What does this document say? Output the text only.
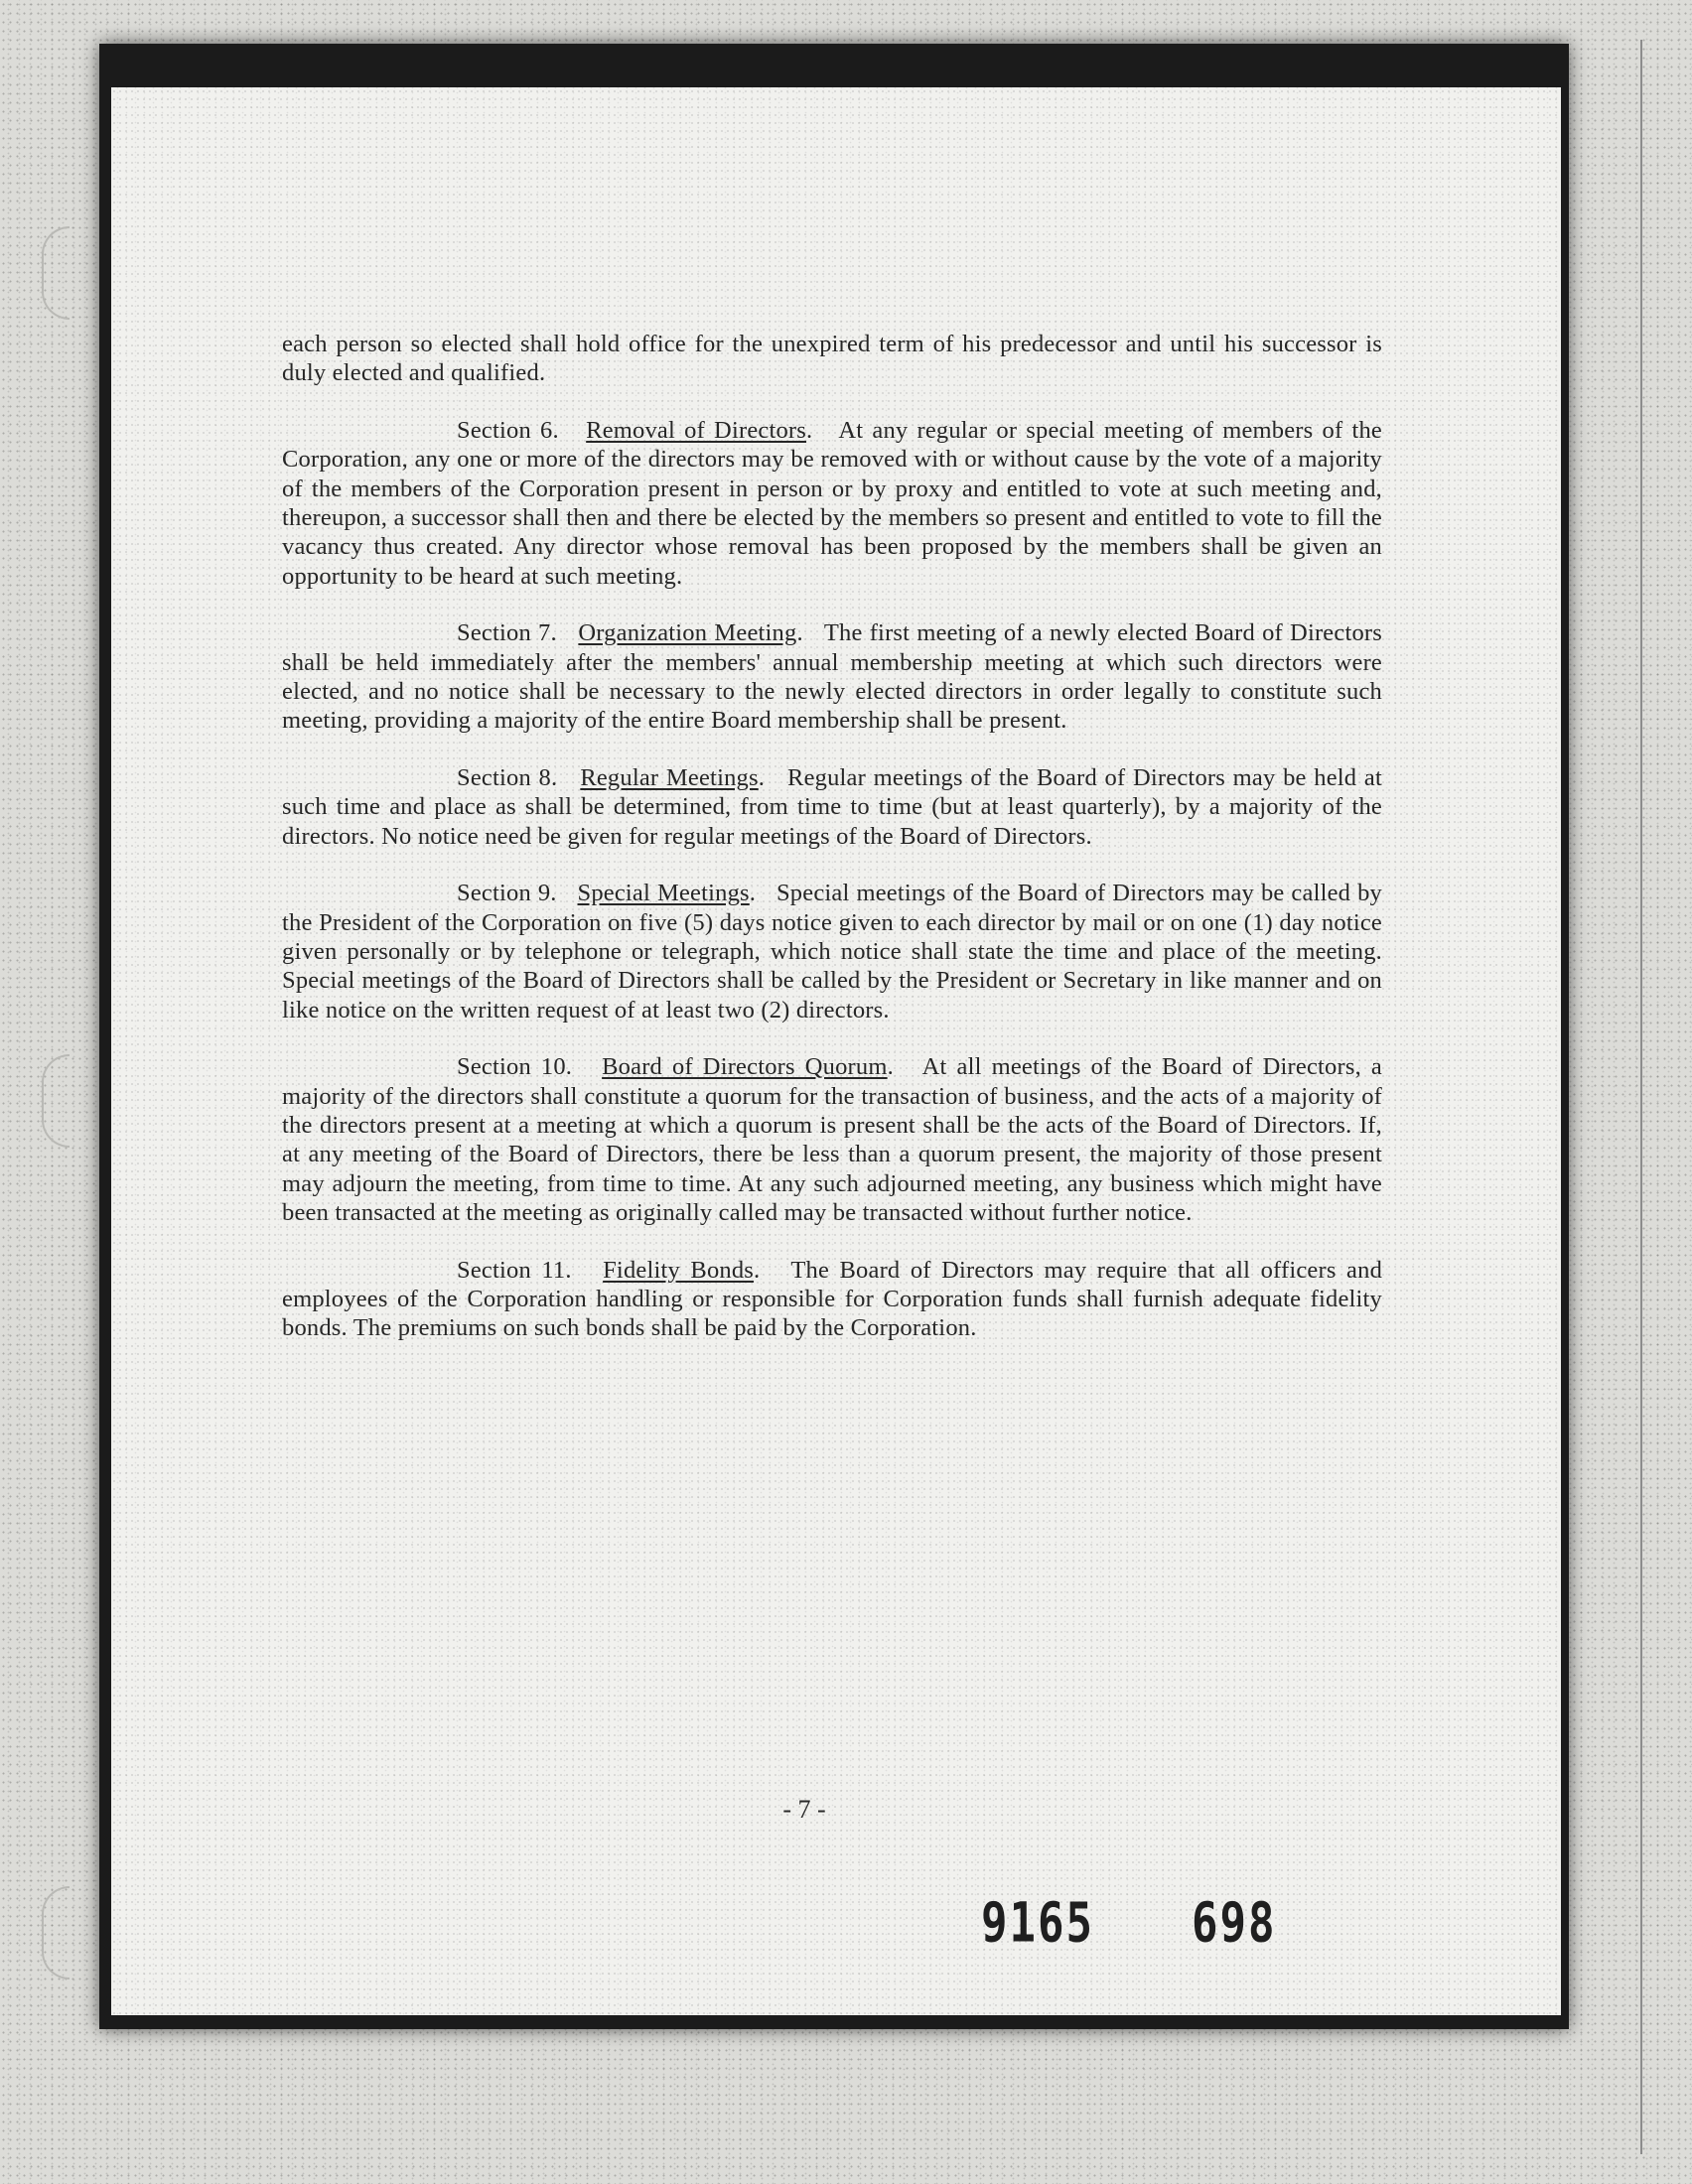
each person so elected shall hold office for the unexpired term of his predecessor and until his successor is duly elected and qualified.

Section 6. Removal of Directors.   At any regular or special meeting of members of the Corporation, any one or more of the directors may be removed with or without cause by the vote of a majority of the members of the Corporation present in person or by proxy and entitled to vote at such meeting and, thereupon, a successor shall then and there be elected by the members so present and entitled to vote to fill the vacancy thus created. Any director whose removal has been proposed by the members shall be given an opportunity to be heard at such meeting.

Section 7. Organization Meeting.   The first meeting of a newly elected Board of Directors shall be held immediately after the members' annual membership meeting at which such directors were elected, and no notice shall be necessary to the newly elected directors in order legally to constitute such meeting, providing a majority of the entire Board membership shall be present.

Section 8. Regular Meetings.   Regular meetings of the Board of Directors may be held at such time and place as shall be determined, from time to time (but at least quarterly), by a majority of the directors. No notice need be given for regular meetings of the Board of Directors.

Section 9. Special Meetings.   Special meetings of the Board of Directors may be called by the President of the Corporation on five (5) days notice given to each director by mail or on one (1) day notice given personally or by telephone or telegraph, which notice shall state the time and place of the meeting. Special meetings of the Board of Directors shall be called by the President or Secretary in like manner and on like notice on the written request of at least two (2) directors.

Section 10. Board of Directors Quorum.   At all meetings of the Board of Directors, a majority of the directors shall constitute a quorum for the transaction of business, and the acts of a majority of the directors present at a meeting at which a quorum is present shall be the acts of the Board of Directors. If, at any meeting of the Board of Directors, there be less than a quorum present, the majority of those present may adjourn the meeting, from time to time. At any such adjourned meeting, any business which might have been transacted at the meeting as originally called may be transacted without further notice.

Section 11. Fidelity Bonds.   The Board of Directors may require that all officers and employees of the Corporation handling or responsible for Corporation funds shall furnish adequate fidelity bonds. The premiums on such bonds shall be paid by the Corporation.

- 7 -
9165 698
